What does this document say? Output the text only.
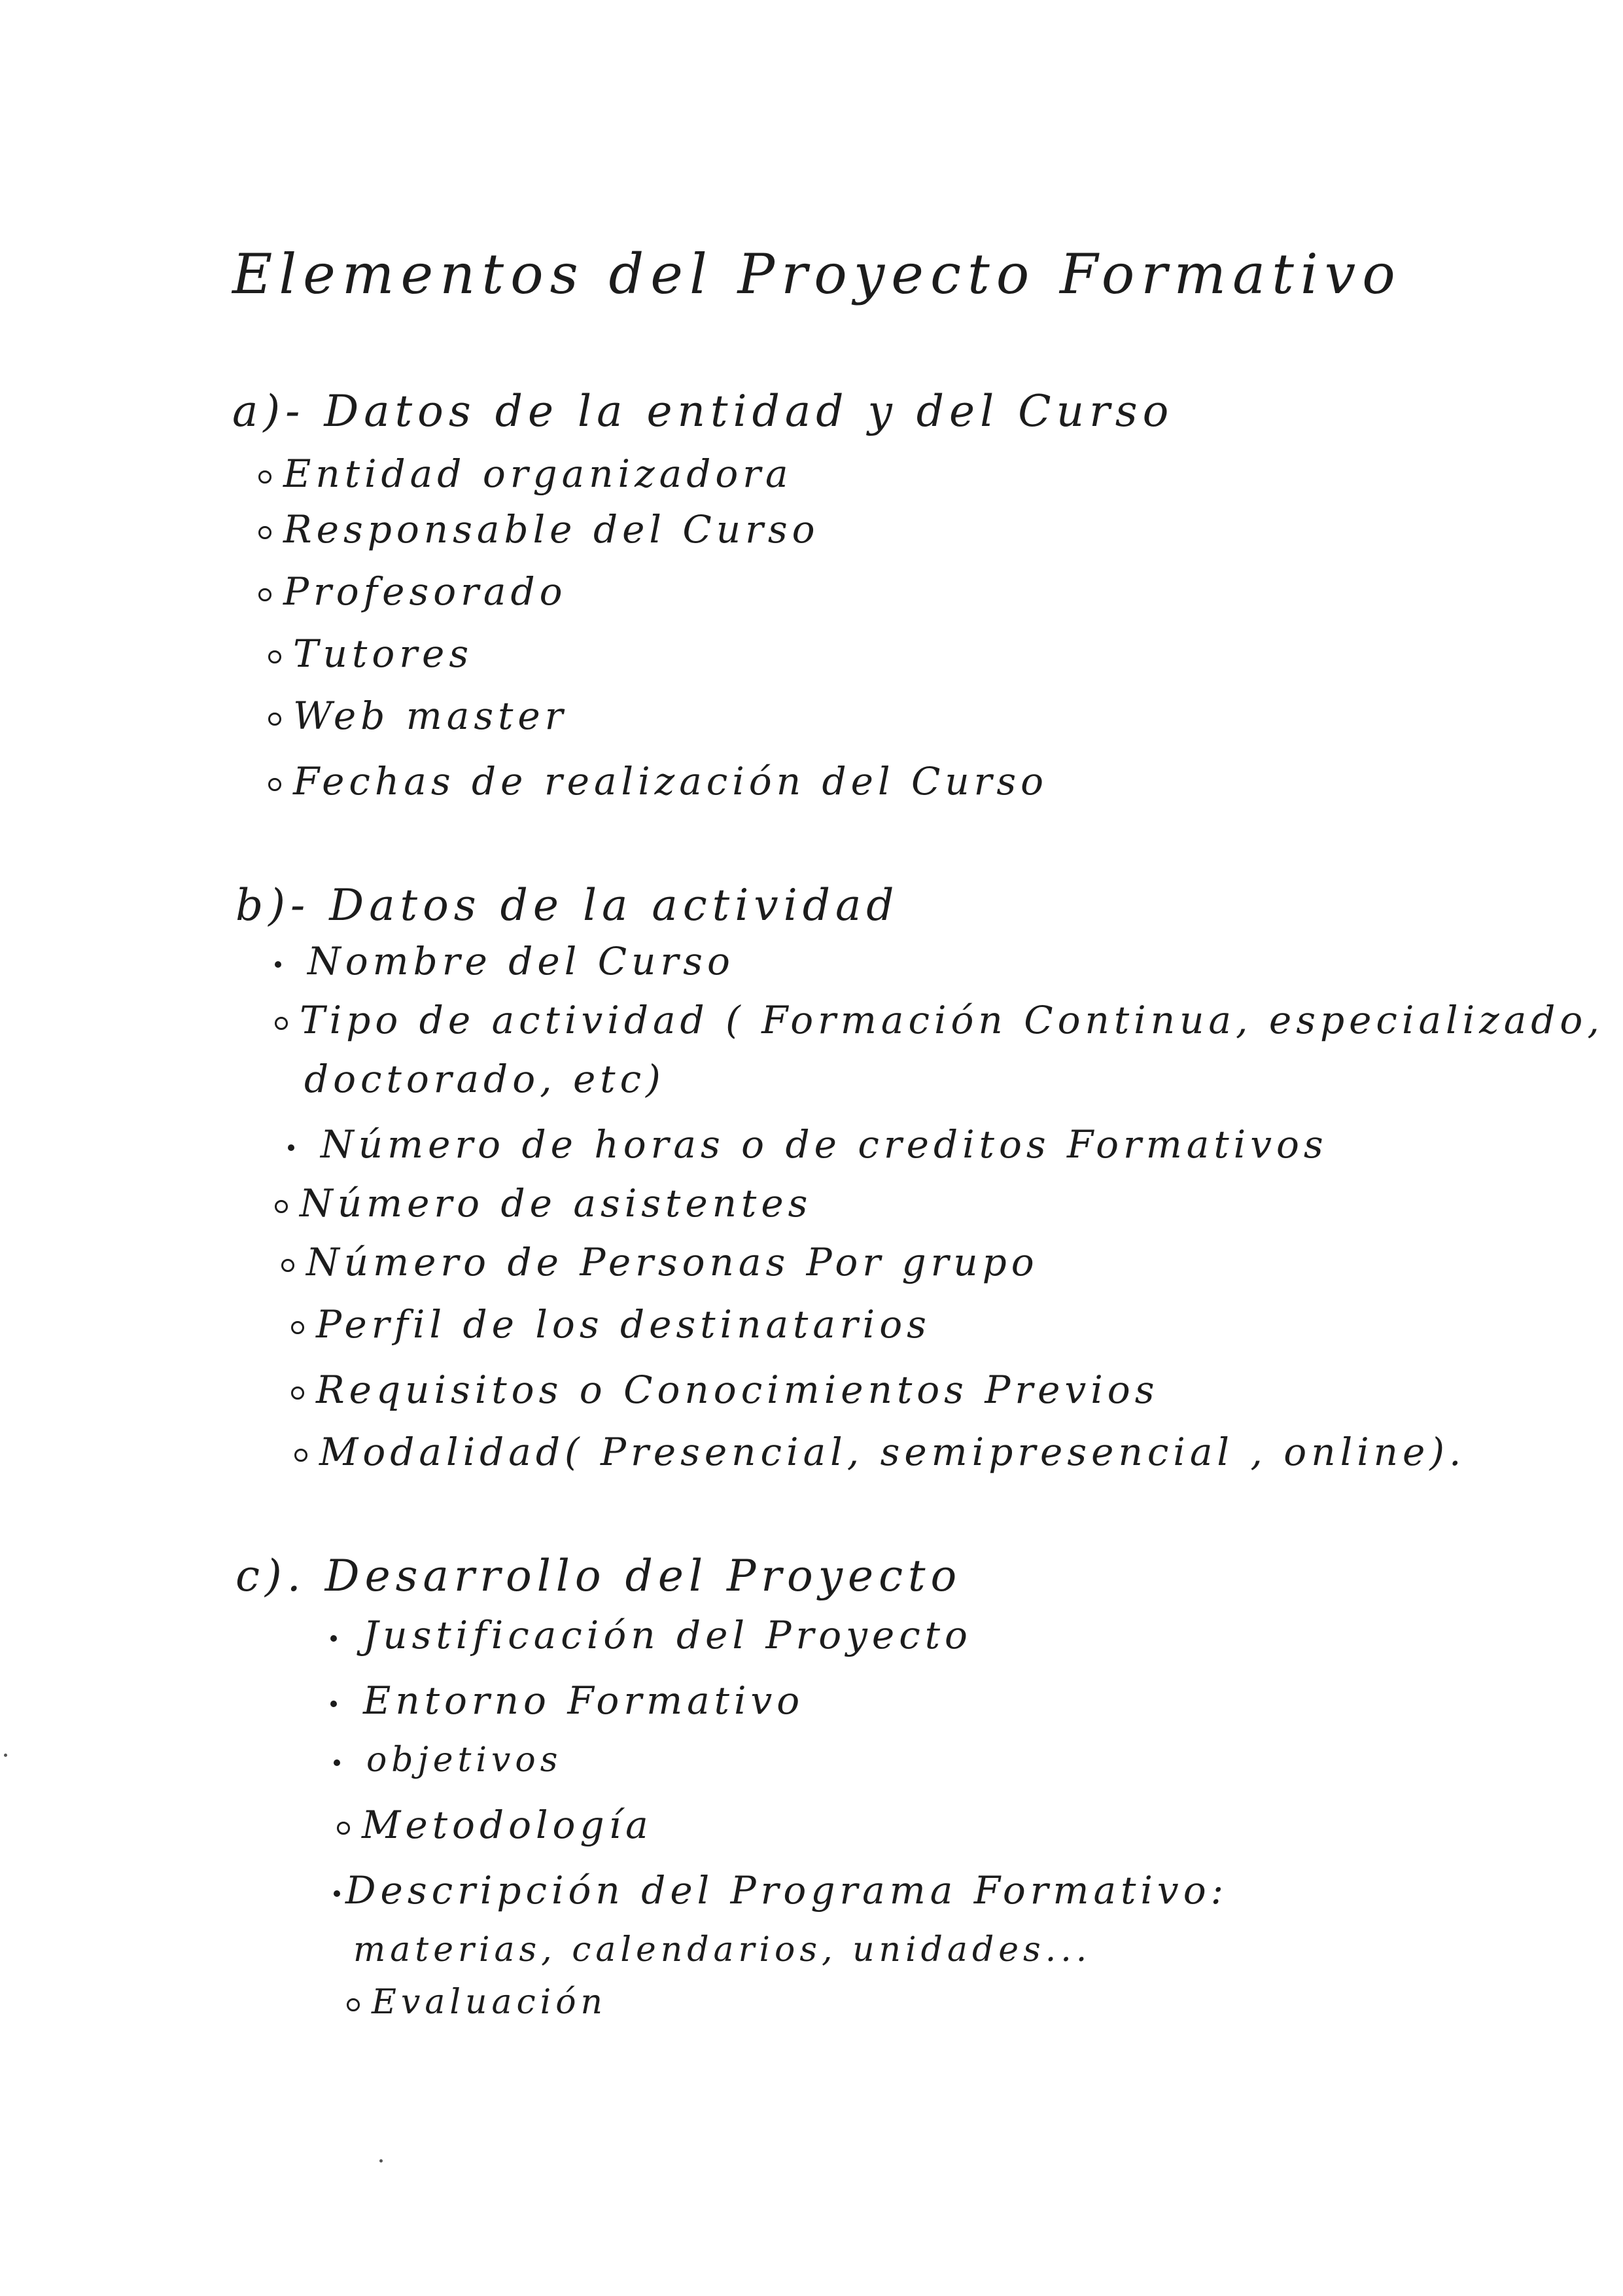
Elementos del Proyecto Formativo
a)- Datos de la entidad y del Curso
Entidad organizadora
Responsable del Curso
Profesorado
Tutores
Web master
Fechas de realización del Curso
b)- Datos de la actividad
Nombre del Curso
Tipo de actividad ( Formación Continua, especializado,
doctorado, etc)
Número de horas o de creditos Formativos
Número de asistentes
Número de Personas Por grupo
Perfil de los destinatarios
Requisitos o Conocimientos Previos
Modalidad( Presencial, semipresencial , online).
c). Desarrollo del Proyecto
Justificación del Proyecto
Entorno Formativo
objetivos
Metodología
Descripción del Programa Formativo:
materias, calendarios, unidades...
Evaluación
